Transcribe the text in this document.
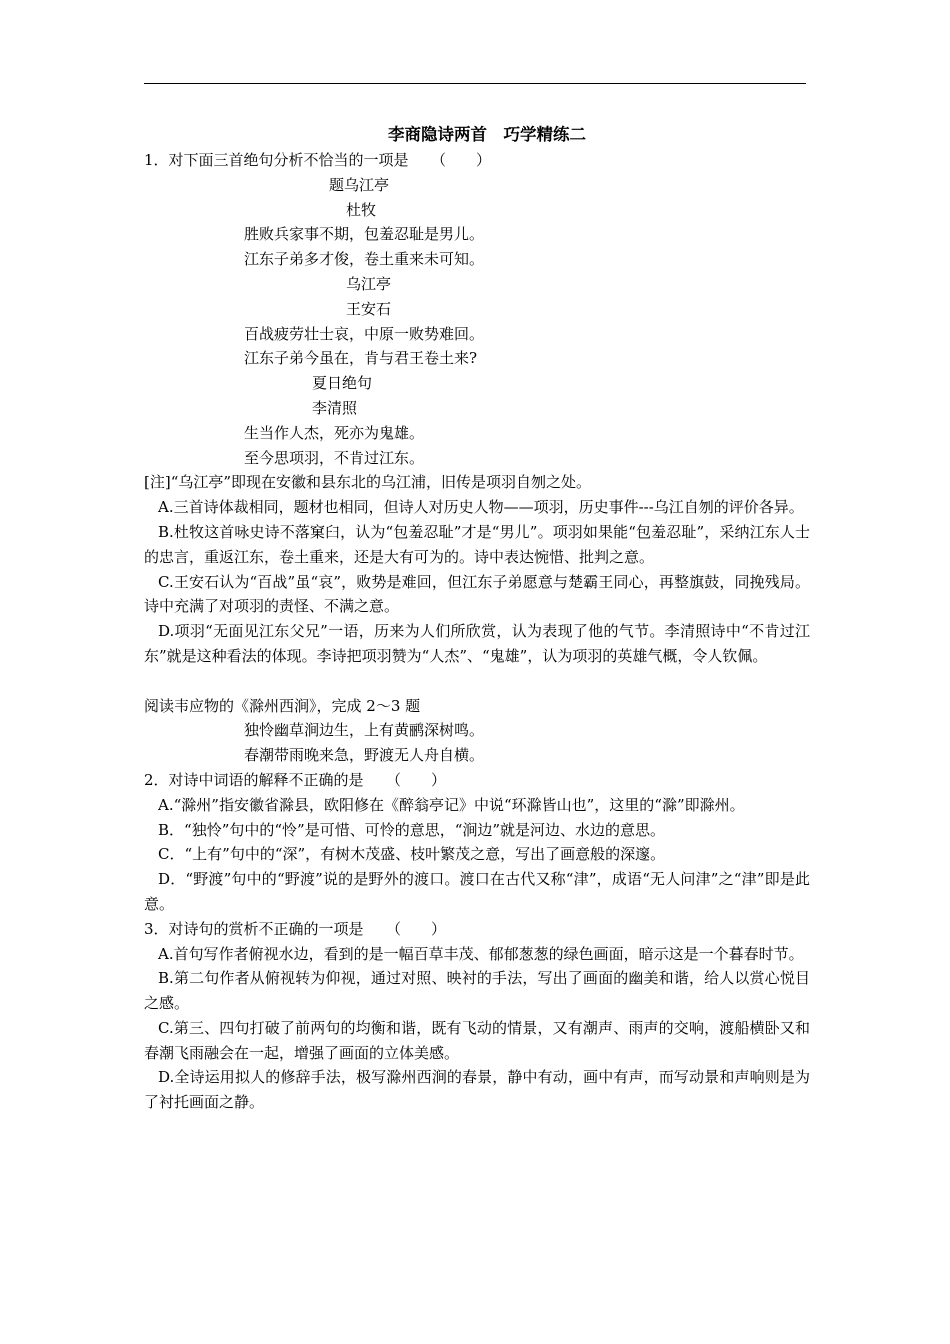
李商隐诗两首　巧学精练二
1．对下面三首绝句分析不恰当的一项是　　（　　）
题乌江亭
杜牧
胜败兵家事不期，包羞忍耻是男儿。
江东子弟多才俊，卷土重来未可知。
乌江亭
王安石
百战疲劳壮士哀，中原一败势难回。
江东子弟今虽在，肯与君王卷土来?
夏日绝句
李清照
生当作人杰，死亦为鬼雄。
至今思项羽，不肯过江东。
[注]“乌江亭”即现在安徽和县东北的乌江浦，旧传是项羽自刎之处。
A.三首诗体裁相同，题材也相同，但诗人对历史人物——项羽，历史事件---乌江自刎的评价各异。
B.杜牧这首咏史诗不落窠臼，认为“包羞忍耻”才是“男儿”。项羽如果能“包羞忍耻”，采纳江东人士的忠言，重返江东，卷土重来，还是大有可为的。诗中表达惋惜、批判之意。
C.王安石认为“百战”虽“哀”，败势是难回，但江东子弟愿意与楚霸王同心，再整旗鼓，同挽残局。诗中充满了对项羽的责怪、不满之意。
D.项羽“无面见江东父兄”一语，历来为人们所欣赏，认为表现了他的气节。李清照诗中“不肯过江东”就是这种看法的体现。李诗把项羽赞为“人杰”、“鬼雄”，认为项羽的英雄气概，令人钦佩。
阅读韦应物的《滁州西涧》，完成 2～3 题
独怜幽草涧边生，上有黄鹂深树鸣。
春潮带雨晚来急，野渡无人舟自横。
2．对诗中词语的解释不正确的是　　（　　）
A.“滁州”指安徽省滁县，欧阳修在《醉翁亭记》中说“环滁皆山也”，这里的“滁”即滁州。
B．“独怜”句中的“怜”是可惜、可怜的意思，“涧边”就是河边、水边的意思。
C．“上有”句中的“深”，有树木茂盛、枝叶繁茂之意，写出了画意般的深邃。
D．“野渡”句中的“野渡”说的是野外的渡口。渡口在古代又称“津”，成语“无人问津”之“津”即是此意。
3．对诗句的赏析不正确的一项是　　（　　）
A.首句写作者俯视水边，看到的是一幅百草丰茂、郁郁葱葱的绿色画面，暗示这是一个暮春时节。
B.第二句作者从俯视转为仰视，通过对照、映衬的手法，写出了画面的幽美和谐，给人以赏心悦目之感。
C.第三、四句打破了前两句的均衡和谐，既有飞动的情景，又有潮声、雨声的交响，渡船横卧又和春潮飞雨融会在一起，增强了画面的立体美感。
D.全诗运用拟人的修辞手法，极写滁州西涧的春景，静中有动，画中有声，而写动景和声响则是为了衬托画面之静。
